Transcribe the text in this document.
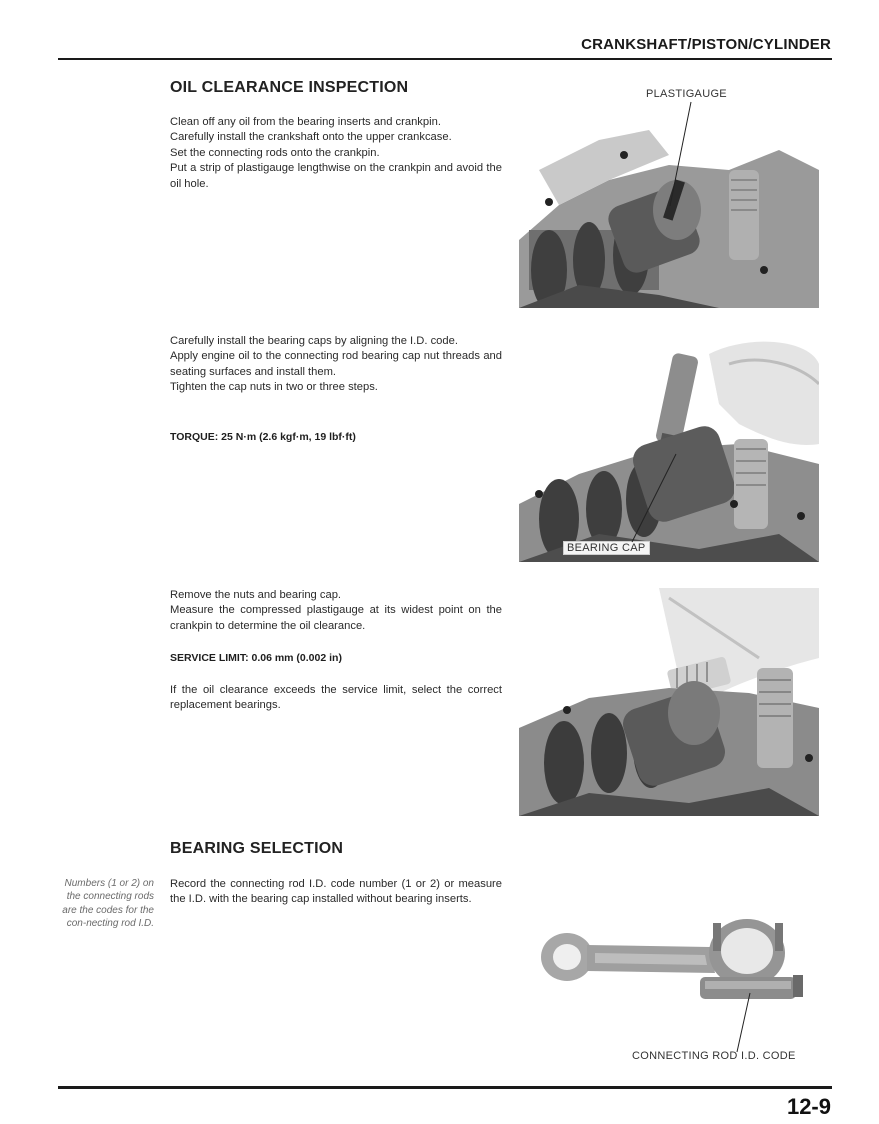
CRANKSHAFT/PISTON/CYLINDER
OIL CLEARANCE INSPECTION

Clean off any oil from the bearing inserts and crankpin.

Carefully install the crankshaft onto the upper crankcase.

Set the connecting rods onto the crankpin.

Put a strip of plastigauge lengthwise on the crankpin and avoid the oil hole.

Carefully install the bearing caps by aligning the I.D. code.

Apply engine oil to the connecting rod bearing cap nut threads and seating surfaces and install them.

Tighten the cap nuts in two or three steps.

TORQUE: 25 N·m (2.6 kgf·m, 19 lbf·ft)

Remove the nuts and bearing cap.

Measure the compressed plastigauge at its widest point on the crankpin to determine the oil clearance.

SERVICE LIMIT: 0.06 mm (0.002 in)
If the oil clearance exceeds the service limit, select the correct replacement bearings.
BEARING SELECTION
Numbers (1 or 2) on the connecting rods are the codes for the con-necting rod I.D.
Record the connecting rod I.D. code number (1 or 2) or measure the I.D. with the bearing cap installed without bearing inserts.
PLASTIGAUGE
BEARING CAP
CONNECTING ROD I.D. CODE
12-9
